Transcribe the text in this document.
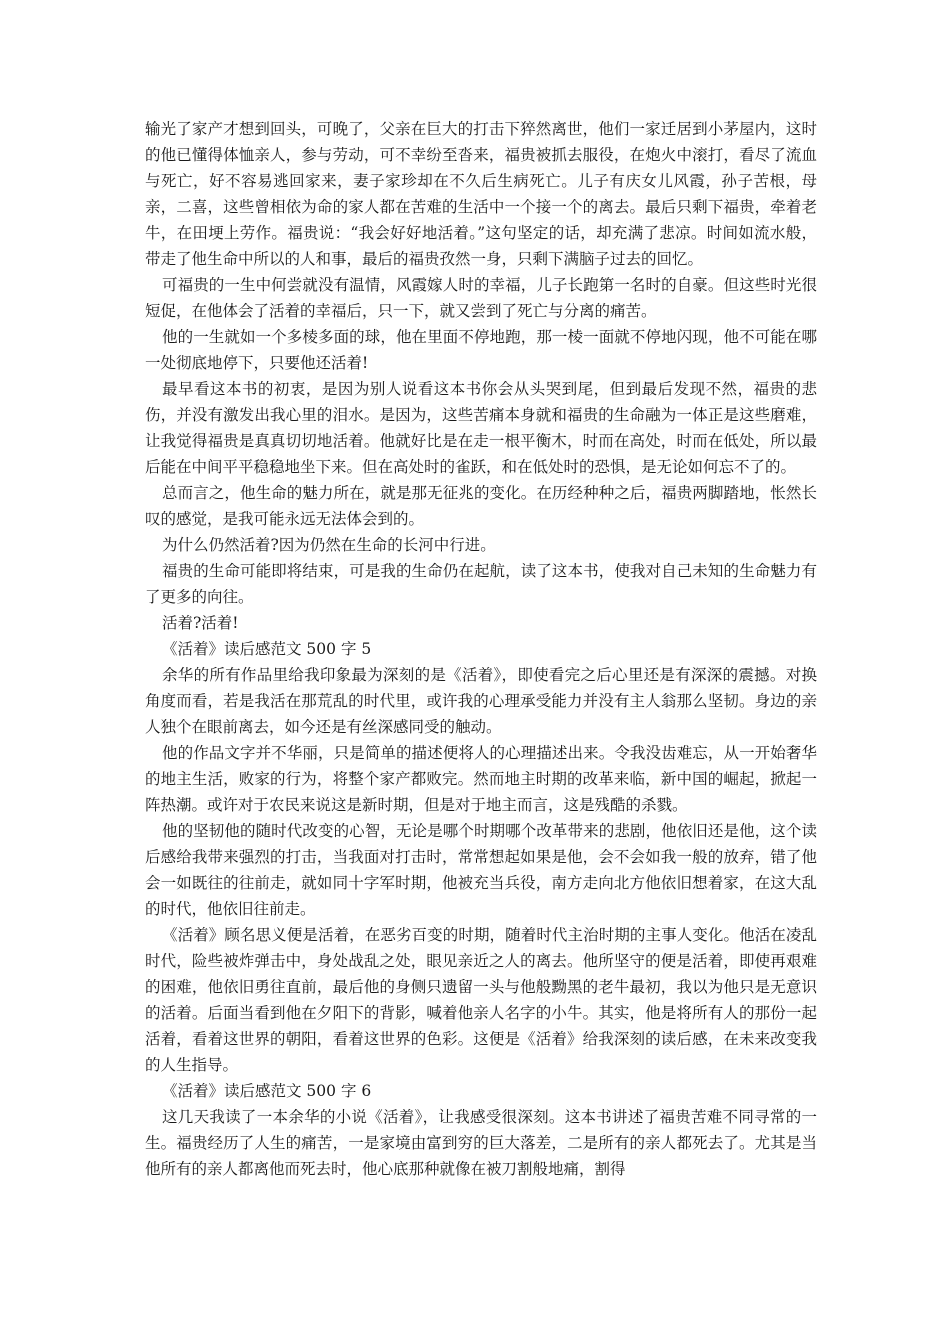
输光了家产才想到回头，可晚了，父亲在巨大的打击下猝然离世，他们一家迁居到小茅屋内，这时的他已懂得体恤亲人，参与劳动，可不幸纷至沓来，福贵被抓去服役，在炮火中滚打，看尽了流血与死亡，好不容易逃回家来，妻子家珍却在不久后生病死亡。儿子有庆女儿风霞，孙子苦根，母亲，二喜，这些曾相依为命的家人都在苦难的生活中一个接一个的离去。最后只剩下福贵，牵着老牛，在田埂上劳作。福贵说：“我会好好地活着。”这句坚定的话，却充满了悲凉。时间如流水般，带走了他生命中所以的人和事，最后的福贵孜然一身，只剩下满脑子过去的回忆。

可福贵的一生中何尝就没有温情，风霞嫁人时的幸福，儿子长跑第一名时的自豪。但这些时光很短促，在他体会了活着的幸福后，只一下，就又尝到了死亡与分离的痛苦。

他的一生就如一个多棱多面的球，他在里面不停地跑，那一棱一面就不停地闪现，他不可能在哪一处彻底地停下，只要他还活着!

最早看这本书的初衷，是因为别人说看这本书你会从头哭到尾，但到最后发现不然，福贵的悲伤，并没有激发出我心里的泪水。是因为，这些苦痛本身就和福贵的生命融为一体正是这些磨难，让我觉得福贵是真真切切地活着。他就好比是在走一根平衡木，时而在高处，时而在低处，所以最后能在中间平平稳稳地坐下来。但在高处时的雀跃，和在低处时的恐惧，是无论如何忘不了的。

总而言之，他生命的魅力所在，就是那无征兆的变化。在历经种种之后，福贵两脚踏地，怅然长叹的感觉，是我可能永远无法体会到的。

为什么仍然活着?因为仍然在生命的长河中行进。

福贵的生命可能即将结束，可是我的生命仍在起航，读了这本书，使我对自己未知的生命魅力有了更多的向往。

活着?活着!

《活着》读后感范文 500 字 5

余华的所有作品里给我印象最为深刻的是《活着》，即使看完之后心里还是有深深的震撼。对换角度而看，若是我活在那荒乱的时代里，或许我的心理承受能力并没有主人翁那么坚韧。身边的亲人独个在眼前离去，如今还是有丝深感同受的触动。

他的作品文字并不华丽，只是简单的描述便将人的心理描述出来。令我没齿难忘，从一开始奢华的地主生活，败家的行为，将整个家产都败完。然而地主时期的改革来临，新中国的崛起，掀起一阵热潮。或许对于农民来说这是新时期，但是对于地主而言，这是残酷的杀戮。

他的坚韧他的随时代改变的心智，无论是哪个时期哪个改革带来的悲剧，他依旧还是他，这个读后感给我带来强烈的打击，当我面对打击时，常常想起如果是他，会不会如我一般的放弃，错了他会一如既往的往前走，就如同十字军时期，他被充当兵役，南方走向北方他依旧想着家，在这大乱的时代，他依旧往前走。

《活着》顾名思义便是活着，在恶劣百变的时期，随着时代主治时期的主事人变化。他活在凌乱时代，险些被炸弹击中，身处战乱之处，眼见亲近之人的离去。他所坚守的便是活着，即使再艰难的困难，他依旧勇往直前，最后他的身侧只遗留一头与他般黝黑的老牛最初，我以为他只是无意识的活着。后面当看到他在夕阳下的背影，喊着他亲人名字的小牛。其实，他是将所有人的那份一起活着，看着这世界的朝阳，看着这世界的色彩。这便是《活着》给我深刻的读后感，在未来改变我的人生指导。

《活着》读后感范文 500 字 6

这几天我读了一本余华的小说《活着》，让我感受很深刻。这本书讲述了福贵苦难不同寻常的一生。福贵经历了人生的痛苦，一是家境由富到穷的巨大落差，二是所有的亲人都死去了。尤其是当他所有的亲人都离他而死去时，他心底那种就像在被刀割般地痛，割得
